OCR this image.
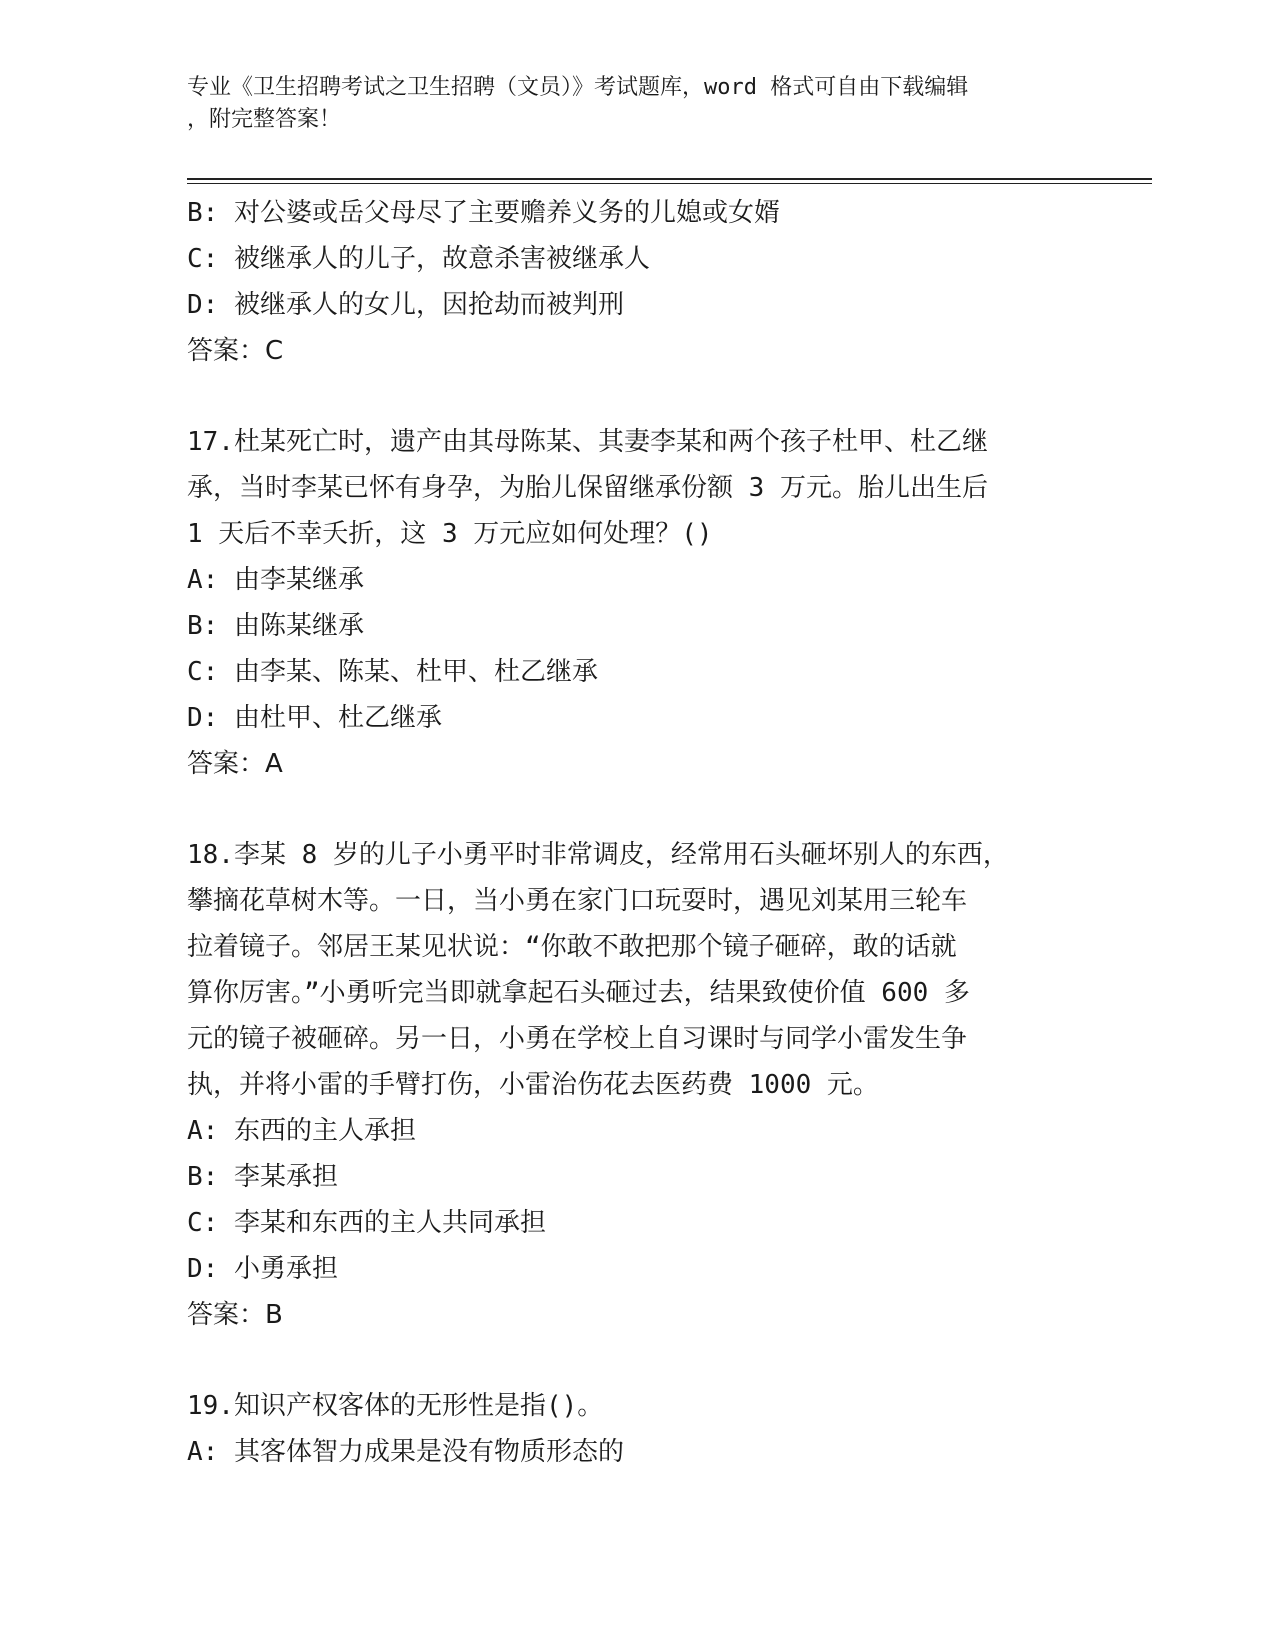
专业《卫生招聘考试之卫生招聘（文员）》考试题库，word 格式可自由下载编辑
，附完整答案！
B: 对公婆或岳父母尽了主要赡养义务的儿媳或女婿
C: 被继承人的儿子，故意杀害被继承人
D: 被继承人的女儿，因抢劫而被判刑
答案：C
17.杜某死亡时，遗产由其母陈某、其妻李某和两个孩子杜甲、杜乙继
承，当时李某已怀有身孕，为胎儿保留继承份额 3 万元。胎儿出生后
1 天后不幸夭折，这 3 万元应如何处理？()
A: 由李某继承
B: 由陈某继承
C: 由李某、陈某、杜甲、杜乙继承
D: 由杜甲、杜乙继承
答案：A
18.李某 8 岁的儿子小勇平时非常调皮，经常用石头砸坏别人的东西，
攀摘花草树木等。一日，当小勇在家门口玩耍时，遇见刘某用三轮车
拉着镜子。邻居王某见状说：“你敢不敢把那个镜子砸碎，敢的话就
算你厉害。”小勇听完当即就拿起石头砸过去，结果致使价值 600 多
元的镜子被砸碎。另一日，小勇在学校上自习课时与同学小雷发生争
执，并将小雷的手臂打伤，小雷治伤花去医药费 1000 元。
A: 东西的主人承担
B: 李某承担
C: 李某和东西的主人共同承担
D: 小勇承担
答案：B
19.知识产权客体的无形性是指()。
A: 其客体智力成果是没有物质形态的
